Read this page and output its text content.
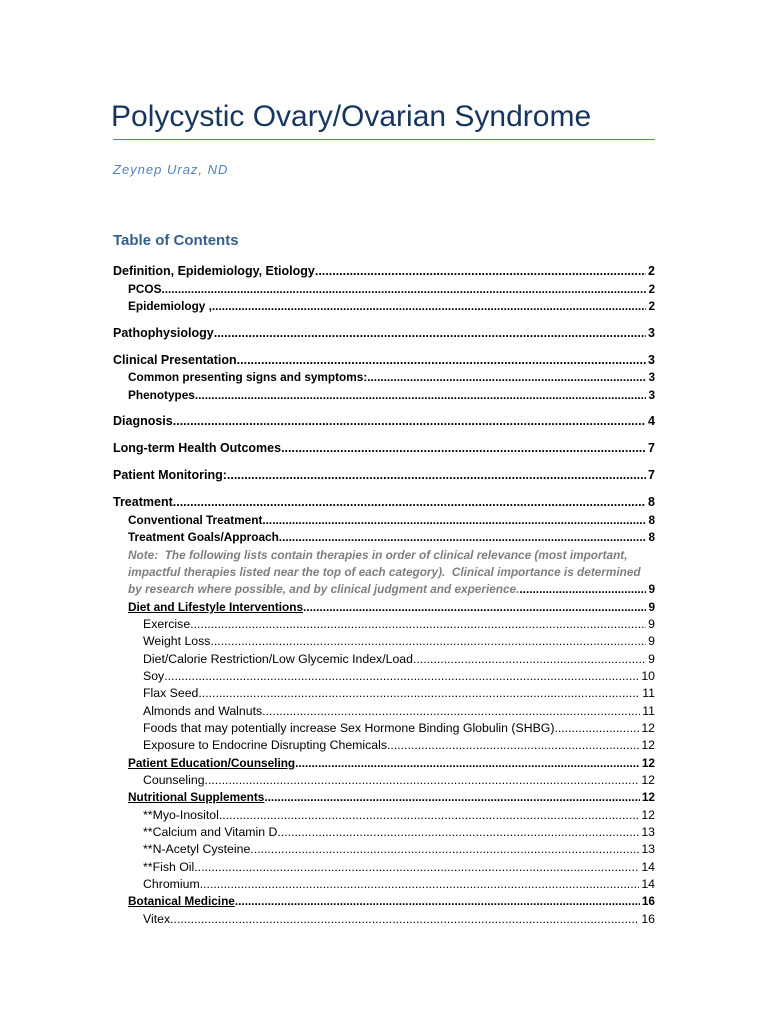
Polycystic Ovary/Ovarian Syndrome
Zeynep Uraz, ND
Table of Contents
Definition, Epidemiology, Etiology	2
PCOS	2
Epidemiology ,	2
Pathophysiology	3
Clinical Presentation	3
Common presenting signs and symptoms:	3
Phenotypes	3
Diagnosis	4
Long-term Health Outcomes	7
Patient Monitoring:	7
Treatment	8
Conventional Treatment	8
Treatment Goals/Approach	8
Note:  The following lists contain therapies in order of clinical relevance (most important, impactful therapies listed near the top of each category).  Clinical importance is determined by research where possible, and by clinical judgment and experience.	9
Diet and Lifestyle Interventions	9
Exercise	9
Weight Loss	9
Diet/Calorie Restriction/Low Glycemic Index/Load	9
Soy	10
Flax Seed	11
Almonds and Walnuts	11
Foods that may potentially increase Sex Hormone Binding Globulin (SHBG)	12
Exposure to Endocrine Disrupting Chemicals	12
Patient Education/Counseling	12
Counseling	12
Nutritional Supplements	12
**Myo-Inositol	12
**Calcium and Vitamin D	13
**N-Acetyl Cysteine	13
**Fish Oil	14
Chromium	14
Botanical Medicine	16
Vitex	16
